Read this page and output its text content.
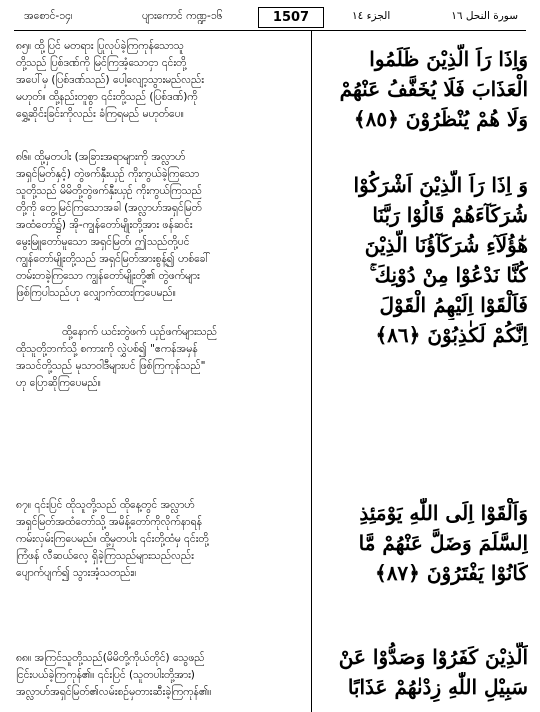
အစောင်-၁၄၊	ပျားကောင် ကဏ္ဍ-၁၆	1507	الجزء ١٤	سورة النحل ١٦
၈၅။ ထို့ပြင် မတရား ပြုလုပ်ခဲ့ကြကုန်သောသူ
တို့သည် ပြစ်ဒဏ်ကို မြင်ကြအံ့သောငှာ ၎င်းတို့
အပေါ်မှ (ပြစ်ဒဏ်သည်) ပေါ့လျော့သွားမည်လည်း
မဟုတ်။ ထို့နည်းတူစွာ ၎င်းတို့သည် (ပြစ်ဒဏ်)ကို
ရွှေ့ဆိုင်းခြင်းကိုလည်း ခံကြရမည် မဟုတ်ပေ။
၈၆။ ထို့မှတပါး (အခြားအရာများကို အလ္လာဟ်
အရှင်မြတ်နှင့်) တွဲဖက်နှီးယှဉ် ကိုးကွယ်ခဲ့ကြသော
သူတို့သည် မိမိတို့တွဲဖက်နှီးယှဉ် ကိုးကွယ်ကြသည်
တို့ကို တွေ့မြင်ကြသောအခါ (အလ္လာဟ်အရှင်မြတ်
အထံတော်၌) အို-ကျွန်တော်မျိုးတို့အား ဖန်ဆင်း
မွေးမြူတော်မူသော အရှင်မြတ်၊ ဤသည်တို့ပင်
ကျွန်တော်မျိုးတို့သည် အရှင်မြတ်အားစွန့်၍ ဟစ်ခေါ်
တမ်းတခဲ့ကြသော ကျွန်တော်မျိုးတို့၏ တွဲဖက်များ
ဖြစ်ကြပါသည်ဟု လျှောက်ထားကြပေမည်။
ထို့နောက် ယင်းတွဲဖက် ယှဉ်ဖက်များသည်
ထိုသူတို့ဘက်သို့ စကားကို လွှဲပစ်၍ "ဧကန်အမှန်
အသင်တို့သည် မုသာဝါဒီများပင် ဖြစ်ကြကုန်သည်"
ဟု ပြောဆိုကြပေမည်။
၈၇။ ၎င်းပြင် ထိုသူတို့သည် ထိုနေ့တွင် အလ္လာဟ်
အရှင်မြတ်အထံတော်သို့ အမိန့်တော်ကိုလိုက်နာရန်
ကမ်းလှမ်းကြပေမည်။ ထို့မှတပါး ၎င်းတို့ထံမှ ၎င်းတို့
ကြံဖန် လီဆယ်လေ့ ရှိခဲ့ကြသည်များသည်လည်း
ပျောက်ပျက်၍ သွားအံ့သတည်း။
၈၈။ အကြင်သူတို့သည်(မိမိတို့ကိုယ်တိုင်) သွေဖည်
ငြင်းပယ်ခဲ့ကြကုန်၏။ ၎င်းပြင် (သူတပါးတို့အား)
အလ္လာဟ်အရှင်မြတ်၏လမ်းစဉ်မှတားဆီးခဲ့ကြကုန်၏။
وَاِذَا رَاَ الَّذِيْنَ ظَلَمُوا
الْعَذَابَ فَلَا يُخَفَّفُ عَنْهُمْ
وَلَا هُمْ يُنْظَرُوْنَ ﴿٨٥﴾
وَ اِذَا رَاَ الَّذِيْنَ اَشْرَكُوْا
شُرَكَآءَهُمْ قَالُوْا رَبَّنَا
هٰٓؤُلَآءِ شُرَكَآؤُنَا الَّذِيْنَ
كُنَّا نَدْعُوْا مِنْ دُوْنِكَ ۚ
فَاَلْقَوْا اِلَيْهِمُ الْقَوْلَ
اِنَّكُمْ لَكٰذِبُوْنَ ﴿٨٦﴾
وَاَلْقَوْا اِلَى اللّٰهِ يَوْمَئِذِ
اِلسَّلَمَ وَضَلَّ عَنْهُمْ مَّا
كَانُوْا يَفْتَرُوْنَ ﴿٨٧﴾
اَلَّذِيْنَ كَفَرُوْا وَصَدُّوْا عَنْ
سَبِيْلِ اللّٰهِ زِدْنٰهُمْ عَذَابًا
